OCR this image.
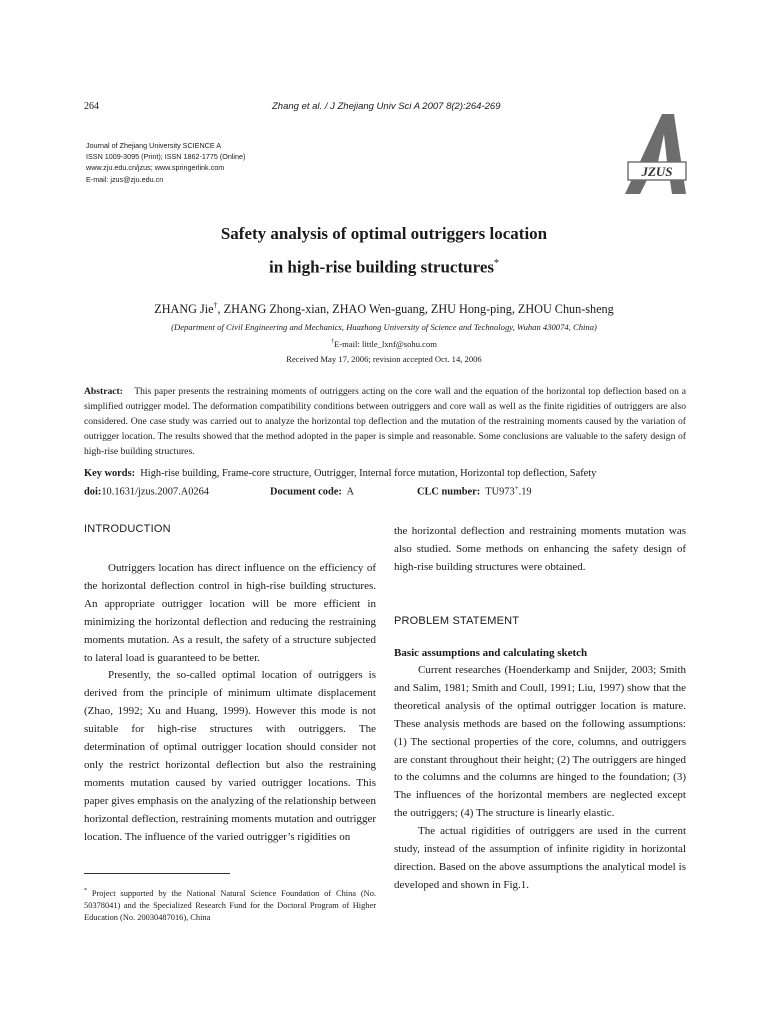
264	Zhang et al. / J Zhejiang Univ Sci A 2007 8(2):264-269
Journal of Zhejiang University SCIENCE A
ISSN 1009-3095 (Print); ISSN 1862-1775 (Online)
www.zju.edu.cn/jzus; www.springerlink.com
E-mail: jzus@zju.edu.cn
JZUS
Safety analysis of optimal outriggers location
in high-rise building structures*
ZHANG Jie†, ZHANG Zhong-xian, ZHAO Wen-guang, ZHU Hong-ping, ZHOU Chun-sheng
(Department of Civil Engineering and Mechanics, Huazhong University of Science and Technology, Wuhan 430074, China)
†E-mail: little_lxnf@sohu.com
Received May 17, 2006; revision accepted Oct. 14, 2006
Abstract: This paper presents the restraining moments of outriggers acting on the core wall and the equation of the horizontal top deflection based on a simplified outrigger model. The deformation compatibility conditions between outriggers and core wall as well as the finite rigidities of outriggers are also considered. One case study was carried out to analyze the horizontal top deflection and the mutation of the restraining moments caused by the variation of outrigger location. The results showed that the method adopted in the paper is simple and reasonable. Some conclusions are valuable to the safety design of high-rise building structures.
Key words: High-rise building, Frame-core structure, Outrigger, Internal force mutation, Horizontal top deflection, Safety
doi:10.1631/jzus.2007.A0264	Document code: A	CLC number: TU973+.19
INTRODUCTION

Outriggers location has direct influence on the efficiency of the horizontal deflection control in high-rise building structures. An appropriate outrigger location will be more efficient in minimizing the horizontal deflection and reducing the restraining moments mutation. As a result, the safety of a structure subjected to lateral load is guaranteed to be better.

Presently, the so-called optimal location of outriggers is derived from the principle of minimum ultimate displacement (Zhao, 1992; Xu and Huang, 1999). However this mode is not suitable for high-rise structures with outriggers. The determination of optimal outrigger location should consider not only the restrict horizontal deflection but also the restraining moments mutation caused by varied outrigger locations. This paper gives emphasis on the analyzing of the relationship between horizontal deflection, restraining moments mutation and outrigger location. The influence of the varied outrigger’s rigidities on

* Project supported by the National Natural Science Foundation of China (No. 50378041) and the Specialized Research Fund for the Doctoral Program of Higher Education (No. 20030487016), China

the horizontal deflection and restraining moments mutation was also studied. Some methods on enhancing the safety design of high-rise building structures were obtained.

PROBLEM STATEMENT
Basic assumptions and calculating sketch

Current researches (Hoenderkamp and Snijder, 2003; Smith and Salim, 1981; Smith and Coull, 1991; Liu, 1997) show that the theoretical analysis of the optimal outrigger location is mature. These analysis methods are based on the following assumptions: (1) The sectional properties of the core, columns, and outriggers are constant throughout their height; (2) The outriggers are hinged to the columns and the columns are hinged to the foundation; (3) The influences of the horizontal members are neglected except the outriggers; (4) The structure is linearly elastic.

The actual rigidities of outriggers are used in the current study, instead of the assumption of infinite rigidity in horizontal direction. Based on the above assumptions the analytical model is developed and shown in Fig.1.
